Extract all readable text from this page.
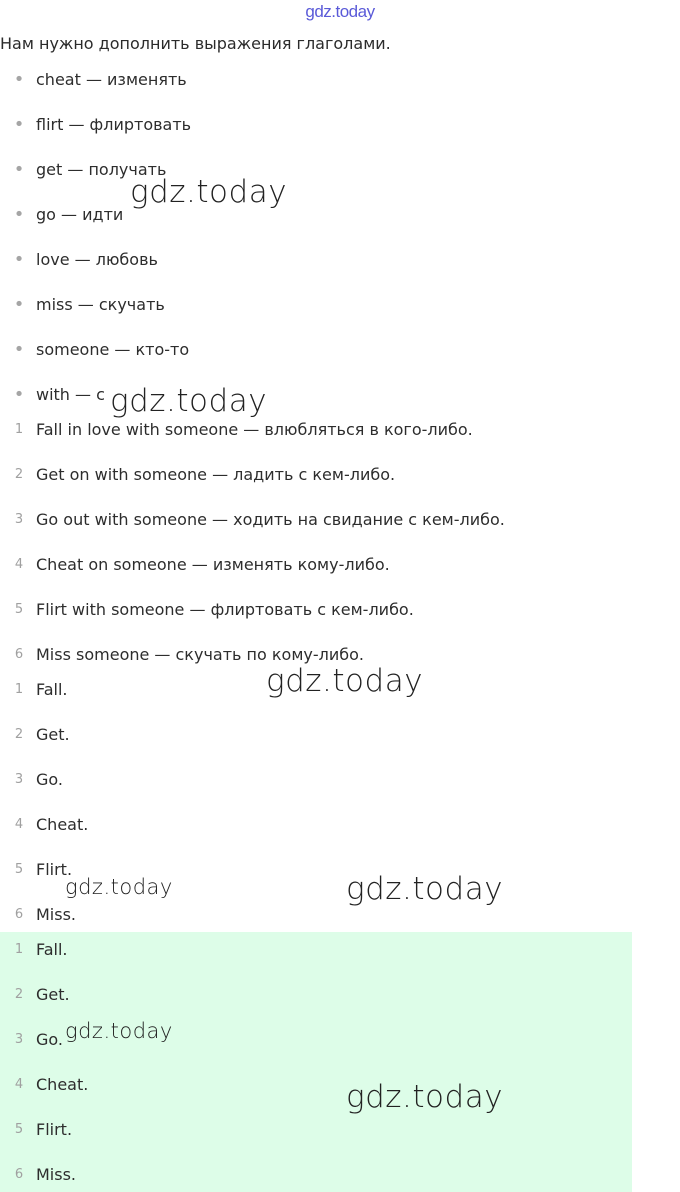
gdz.today
Нам нужно дополнить выражения глаголами.
• cheat — изменять
• flirt — флиртовать
• get — получать
• go — идти
• love — любовь
• miss — скучать
• someone — кто-то
• with — с
1 Fall in love with someone — влюбляться в кого-либо.
2 Get on with someone — ладить с кем-либо.
3 Go out with someone — ходить на свидание с кем-либо.
4 Cheat on someone — изменять кому-либо.
5 Flirt with someone — флиртовать с кем-либо.
6 Miss someone — скучать по кому-либо.
1 Fall.
2 Get.
3 Go.
4 Cheat.
5 Flirt.
6 Miss.
1 Fall.
2 Get.
3 Go.
4 Cheat.
5 Flirt.
6 Miss.
gdz.today
gdz.today
gdz.today
gdz.today	gdz.today
gdz.today
gdz.today
